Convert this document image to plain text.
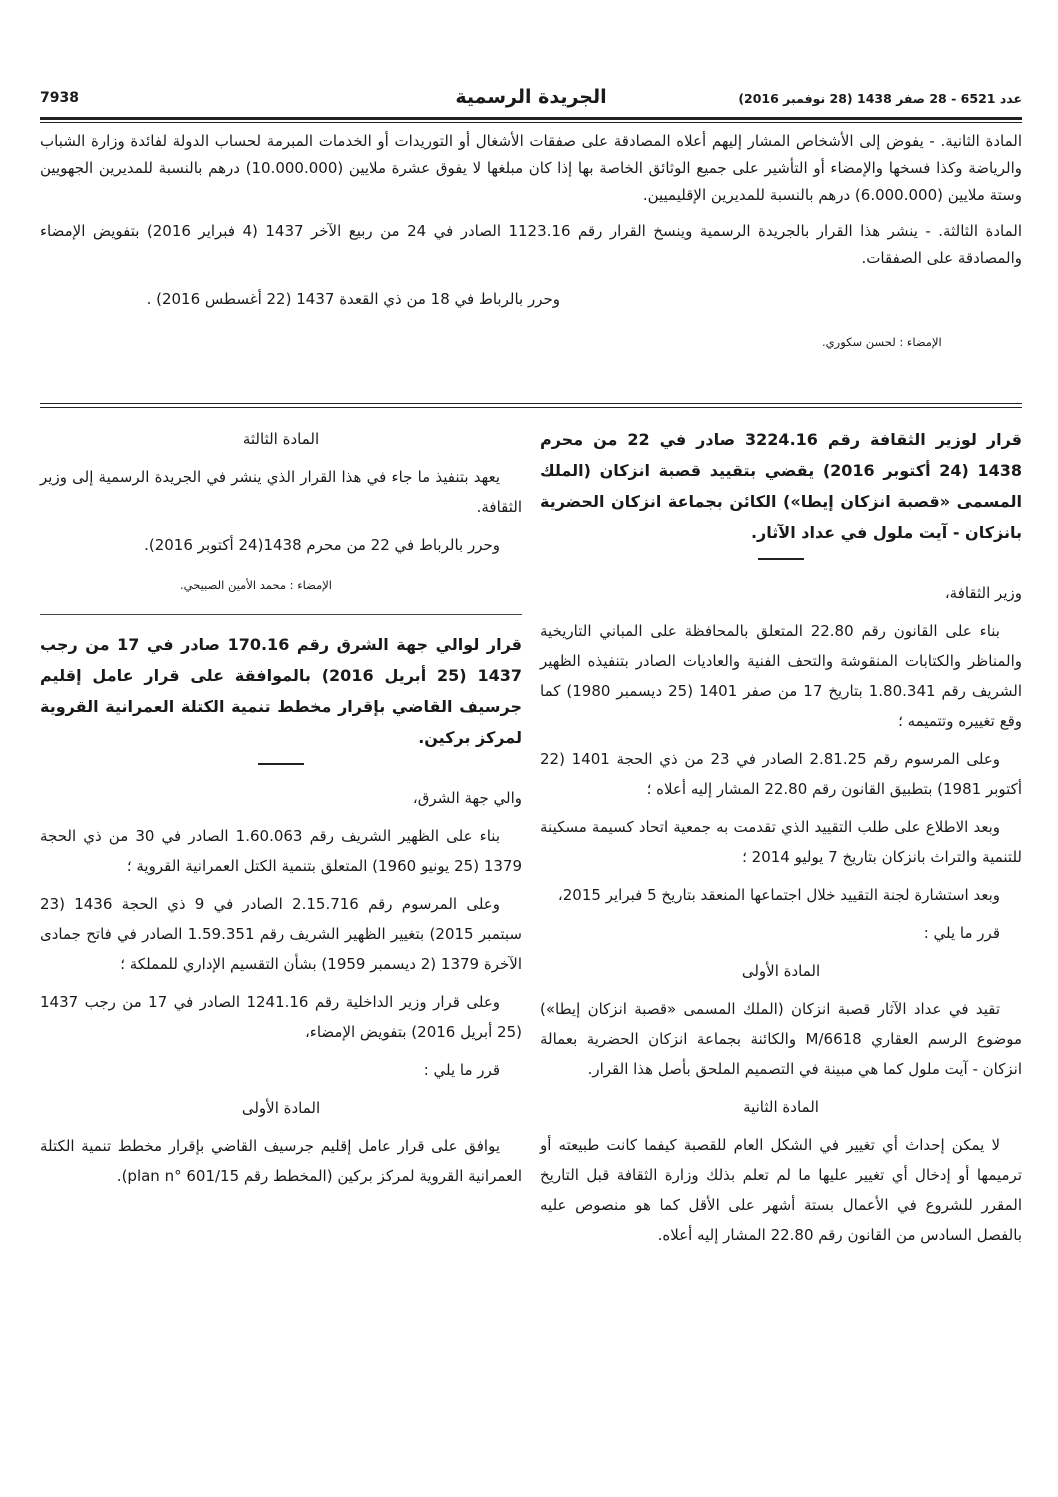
7938	الجريدة الرسمية	عدد 6521 - 28 صفر 1438 (28 نوفمبر 2016)

المادة الثانية. - يفوض إلى الأشخاص المشار إليهم أعلاه المصادقة على صفقات الأشغال أو التوريدات أو الخدمات المبرمة لحساب الدولة لفائدة وزارة الشباب والرياضة وكذا فسخها والإمضاء أو التأشير على جميع الوثائق الخاصة بها إذا كان مبلغها لا يفوق عشرة ملايين (10.000.000) درهم بالنسبة للمديرين الجهويين وستة ملايين (6.000.000) درهم بالنسبة للمديرين الإقليميين.

المادة الثالثة. - ينشر هذا القرار بالجريدة الرسمية وينسخ القرار رقم 1123.16 الصادر في 24 من ربيع الآخر 1437 (4 فبراير 2016) بتفويض الإمضاء والمصادقة على الصفقات.

وحرر بالرباط في 18 من ذي القعدة 1437 (22 أغسطس 2016) .

الإمضاء : لحسن سكوري.

قرار لوزير الثقافة رقم 3224.16 صادر في 22 من محرم 1438 (24 أكتوبر 2016) يقضي بتقييد قصبة انزكان (الملك المسمى «قصبة انزكان إيطا») الكائن بجماعة انزكان الحضرية بانزكان - آيت ملول في عداد الآثار.

وزير الثقافة،

بناء على القانون رقم 22.80 المتعلق بالمحافظة على المباني التاريخية والمناظر والكتابات المنقوشة والتحف الفنية والعاديات الصادر بتنفيذه الظهير الشريف رقم 1.80.341 بتاريخ 17 من صفر 1401 (25 ديسمبر 1980) كما وقع تغييره وتتميمه ؛

وعلى المرسوم رقم 2.81.25 الصادر في 23 من ذي الحجة 1401 (22 أكتوبر 1981) بتطبيق القانون رقم 22.80 المشار إليه أعلاه ؛

وبعد الاطلاع على طلب التقييد الذي تقدمت به جمعية اتحاد كسيمة مسكينة للتنمية والتراث بانزكان بتاريخ 7 يوليو 2014 ؛

وبعد استشارة لجنة التقييد خلال اجتماعها المنعقد بتاريخ 5 فبراير 2015،

قرر ما يلي :

المادة الأولى

تقيد في عداد الآثار قصبة انزكان (الملك المسمى «قصبة انزكان إيطا») موضوع الرسم العقاري M/6618 والكائنة بجماعة انزكان الحضرية بعمالة انزكان - آيت ملول كما هي مبينة في التصميم الملحق بأصل هذا القرار.

المادة الثانية

لا يمكن إحداث أي تغيير في الشكل العام للقصبة كيفما كانت طبيعته أو ترميمها أو إدخال أي تغيير عليها ما لم تعلم بذلك وزارة الثقافة قبل التاريخ المقرر للشروع في الأعمال بستة أشهر على الأقل كما هو منصوص عليه بالفصل السادس من القانون رقم 22.80 المشار إليه أعلاه.

المادة الثالثة

يعهد بتنفيذ ما جاء في هذا القرار الذي ينشر في الجريدة الرسمية إلى وزير الثقافة.

وحرر بالرباط في 22 من محرم 1438(24 أكتوبر 2016).

الإمضاء : محمد الأمين الصبيحي.

قرار لوالي جهة الشرق رقم 170.16 صادر في 17 من رجب 1437 (25 أبريل 2016) بالموافقة على قرار عامل إقليم جرسيف القاضي بإقرار مخطط تنمية الكتلة العمرانية القروية لمركز بركين.

والي جهة الشرق،

بناء على الظهير الشريف رقم 1.60.063 الصادر في 30 من ذي الحجة 1379 (25 يونيو 1960) المتعلق بتنمية الكتل العمرانية القروية ؛

وعلى المرسوم رقم 2.15.716 الصادر في 9 ذي الحجة 1436 (23 سبتمبر 2015) بتغيير الظهير الشريف رقم 1.59.351 الصادر في فاتح جمادى الآخرة 1379 (2 ديسمبر 1959) بشأن التقسيم الإداري للمملكة ؛

وعلى قرار وزير الداخلية رقم 1241.16 الصادر في 17 من رجب 1437 (25 أبريل 2016) بتفويض الإمضاء،

قرر ما يلي :

المادة الأولى

يوافق على قرار عامل إقليم جرسيف القاضي بإقرار مخطط تنمية الكتلة العمرانية القروية لمركز بركين (المخطط رقم plan n° 601/15).
